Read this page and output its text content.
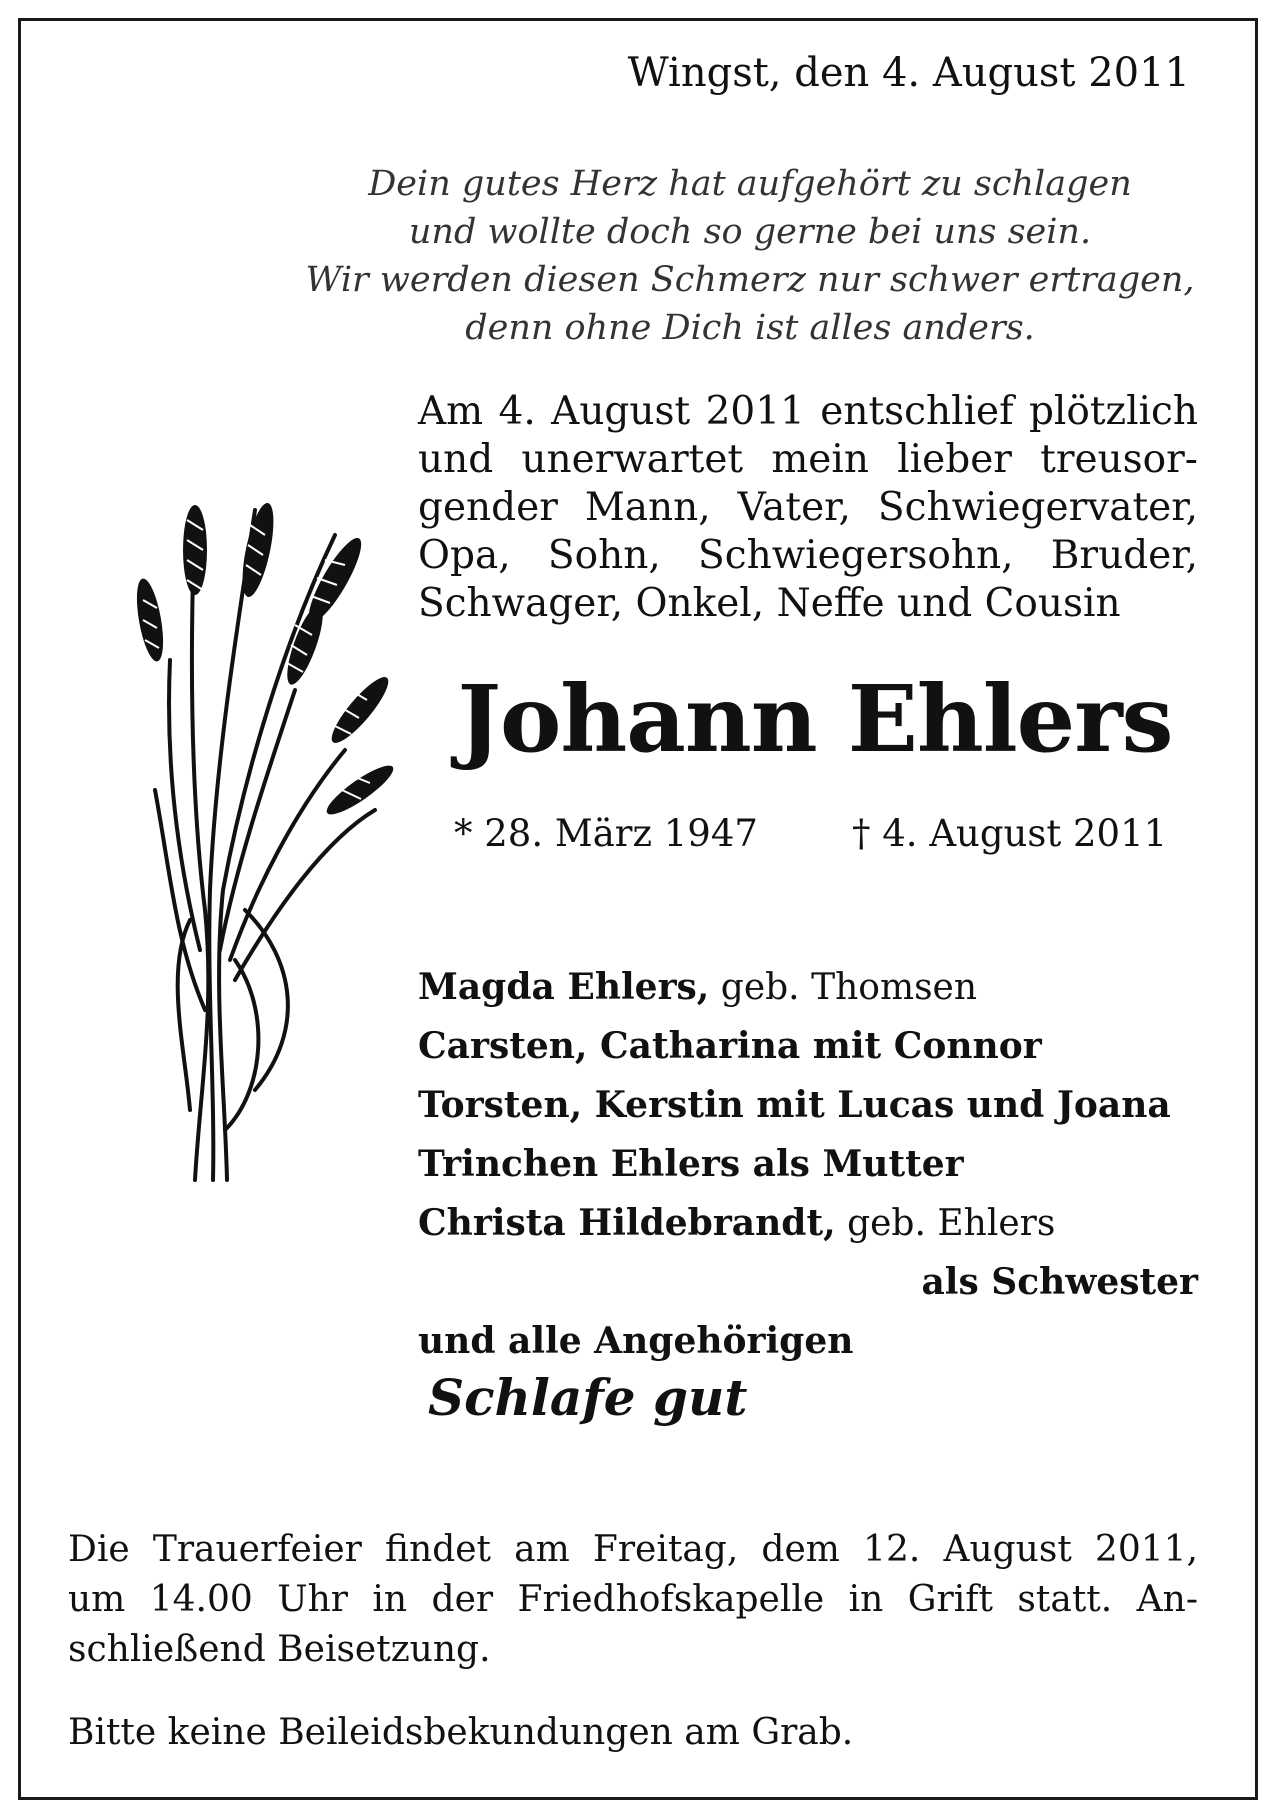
Wingst, den 4. August 2011
Dein gutes Herz hat aufgehört zu schlagen
und wollte doch so gerne bei uns sein.
Wir werden diesen Schmerz nur schwer ertragen,
denn ohne Dich ist alles anders.
Am 4. August 2011 entschlief plötzlich
und unerwartet mein lieber treusor-
gender Mann, Vater, Schwiegervater,
Opa, Sohn, Schwiegersohn, Bruder,
Schwager, Onkel, Neffe und Cousin
Johann Ehlers
* 28. März 1947	† 4. August 2011
Magda Ehlers, geb. Thomsen
Carsten, Catharina mit Connor
Torsten, Kerstin mit Lucas und Joana
Trinchen Ehlers als Mutter
Christa Hildebrandt, geb. Ehlers
als Schwester
und alle Angehörigen
Schlafe gut
Die Trauerfeier findet am Freitag, dem 12. August 2011,
um 14.00 Uhr in der Friedhofskapelle in Grift statt. An-
schließend Beisetzung.
Bitte keine Beileidsbekundungen am Grab.
